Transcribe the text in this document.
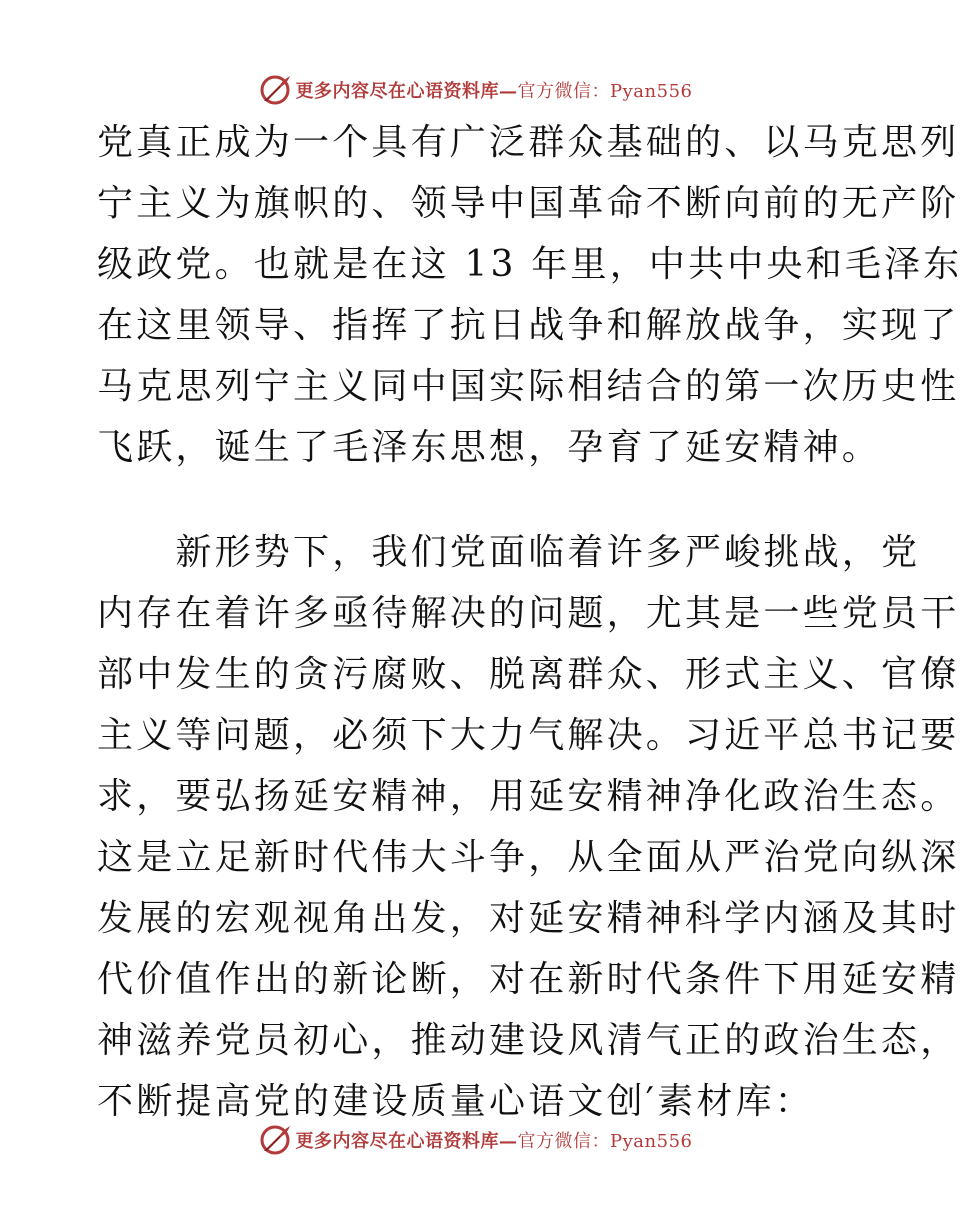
更多内容尽在心语资料库—官方微信：Pyan556
党真正成为一个具有广泛群众基础的、以马克思列
宁主义为旗帜的、领导中国革命不断向前的无产阶
级政党。也就是在这 13 年里，中共中央和毛泽东
在这里领导、指挥了抗日战争和解放战争，实现了
马克思列宁主义同中国实际相结合的第一次历史性
飞跃，诞生了毛泽东思想，孕育了延安精神。
　　新形势下，我们党面临着许多严峻挑战，党
内存在着许多亟待解决的问题，尤其是一些党员干
部中发生的贪污腐败、脱离群众、形式主义、官僚
主义等问题，必须下大力气解决。习近平总书记要
求，要弘扬延安精神，用延安精神净化政治生态。
这是立足新时代伟大斗争，从全面从严治党向纵深
发展的宏观视角出发，对延安精神科学内涵及其时
代价值作出的新论断，对在新时代条件下用延安精
神滋养党员初心，推动建设风清气正的政治生态，
不断提高党的建设质量心语文创′素材库：
更多内容尽在心语资料库—官方微信：Pyan556
